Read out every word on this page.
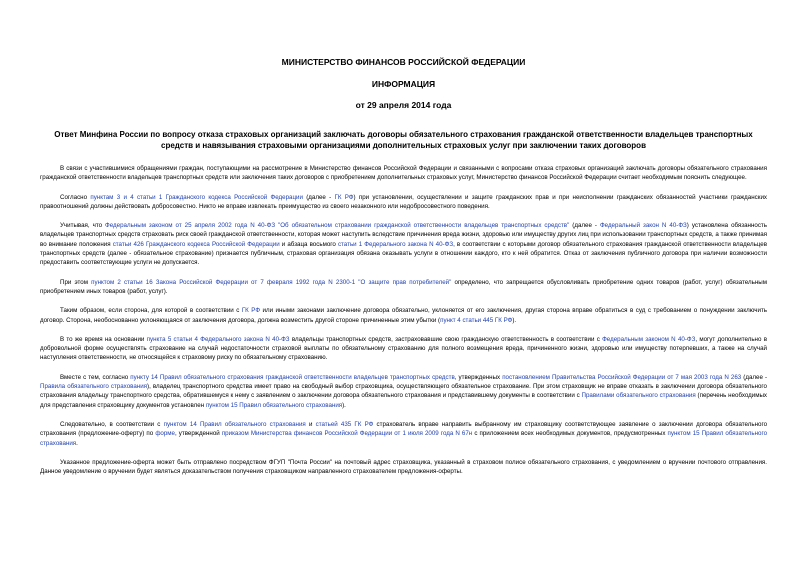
МИНИСТЕРСТВО ФИНАНСОВ РОССИЙСКОЙ ФЕДЕРАЦИИ
ИНФОРМАЦИЯ
от 29 апреля 2014 года
Ответ Минфина России по вопросу отказа страховых организаций заключать договоры обязательного страхования гражданской ответственности владельцев транспортных средств и навязывания страховыми организациями дополнительных страховых услуг при заключении таких договоров

В связи с участившимися обращениями граждан, поступающими на рассмотрение в Министерство финансов Российской Федерации и связанными с вопросами отказа страховых организаций заключать договоры обязательного страхования гражданской ответственности владельцев транспортных средств или заключения таких договоров с приобретением дополнительных страховых услуг, Министерство финансов Российской Федерации считает необходимым пояснить следующее.

Согласно пунктам 3 и 4 статьи 1 Гражданского кодекса Российской Федерации (далее - ГК РФ) при установлении, осуществлении и защите гражданских прав и при неисполнении гражданских обязанностей участники гражданских правоотношений должны действовать добросовестно. Никто не вправе извлекать преимущество из своего незаконного или недобросовестного поведения.

Учитывая, что Федеральным законом от 25 апреля 2002 года N 40-ФЗ "Об обязательном страховании гражданской ответственности владельцев транспортных средств" (далее - Федеральный закон N 40-ФЗ) установлена обязанность владельцев транспортных средств страховать риск своей гражданской ответственности, которая может наступить вследствие причинения вреда жизни, здоровью или имуществу других лиц при использовании транспортных средств, а также принимая во внимание положения статьи 426 Гражданского кодекса Российской Федерации и абзаца восьмого статьи 1 Федерального закона N 40-ФЗ, в соответствии с которыми договор обязательного страхования гражданской ответственности владельцев транспортных средств (далее - обязательное страхование) признается публичным, страховая организация обязана оказывать услуги в отношении каждого, кто к ней обратится. Отказ от заключения публичного договора при наличии возможности предоставить соответствующие услуги не допускается.

При этом пунктом 2 статьи 16 Закона Российской Федерации от 7 февраля 1992 года N 2300-1 "О защите прав потребителей" определено, что запрещается обусловливать приобретение одних товаров (работ, услуг) обязательным приобретением иных товаров (работ, услуг).

Таким образом, если сторона, для которой в соответствии с ГК РФ или иными законами заключение договора обязательно, уклоняется от его заключения, другая сторона вправе обратиться в суд с требованием о понуждении заключить договор. Сторона, необоснованно уклоняющаяся от заключения договора, должна возместить другой стороне причиненные этим убытки (пункт 4 статьи 445 ГК РФ).

В то же время на основании пункта 5 статьи 4 Федерального закона N 40-ФЗ владельцы транспортных средств, застраховавшие свою гражданскую ответственность в соответствии с Федеральным законом N 40-ФЗ, могут дополнительно в добровольной форме осуществлять страхование на случай недостаточности страховой выплаты по обязательному страхованию для полного возмещения вреда, причиненного жизни, здоровью или имуществу потерпевших, а также на случай наступления ответственности, не относящейся к страховому риску по обязательному страхованию.

Вместе с тем, согласно пункту 14 Правил обязательного страхования гражданской ответственности владельцев транспортных средств, утвержденных постановлением Правительства Российской Федерации от 7 мая 2003 года N 263 (далее - Правила обязательного страхования), владелец транспортного средства имеет право на свободный выбор страховщика, осуществляющего обязательное страхование. При этом страховщик не вправе отказать в заключении договора обязательного страхования владельцу транспортного средства, обратившемуся к нему с заявлением о заключении договора обязательного страхования и представившему документы в соответствии с Правилами обязательного страхования (перечень необходимых для представления страховщику документов установлен пунктом 15 Правил обязательного страхования).

Следовательно, в соответствии с пунктом 14 Правил обязательного страхования и статьей 435 ГК РФ страхователь вправе направить выбранному им страховщику соответствующее заявление о заключении договора обязательного страхования (предложение-оферту) по форме, утвержденной приказом Министерства финансов Российской Федерации от 1 июля 2009 года N 67н с приложением всех необходимых документов, предусмотренных пунктом 15 Правил обязательного страхования.

Указанное предложение-оферта может быть отправлено посредством ФГУП "Почта России" на почтовый адрес страховщика, указанный в страховом полисе обязательного страхования, с уведомлением о вручении почтового отправления. Данное уведомление о вручении будет являться доказательством получения страховщиком направленного страхователем предложения-оферты.
